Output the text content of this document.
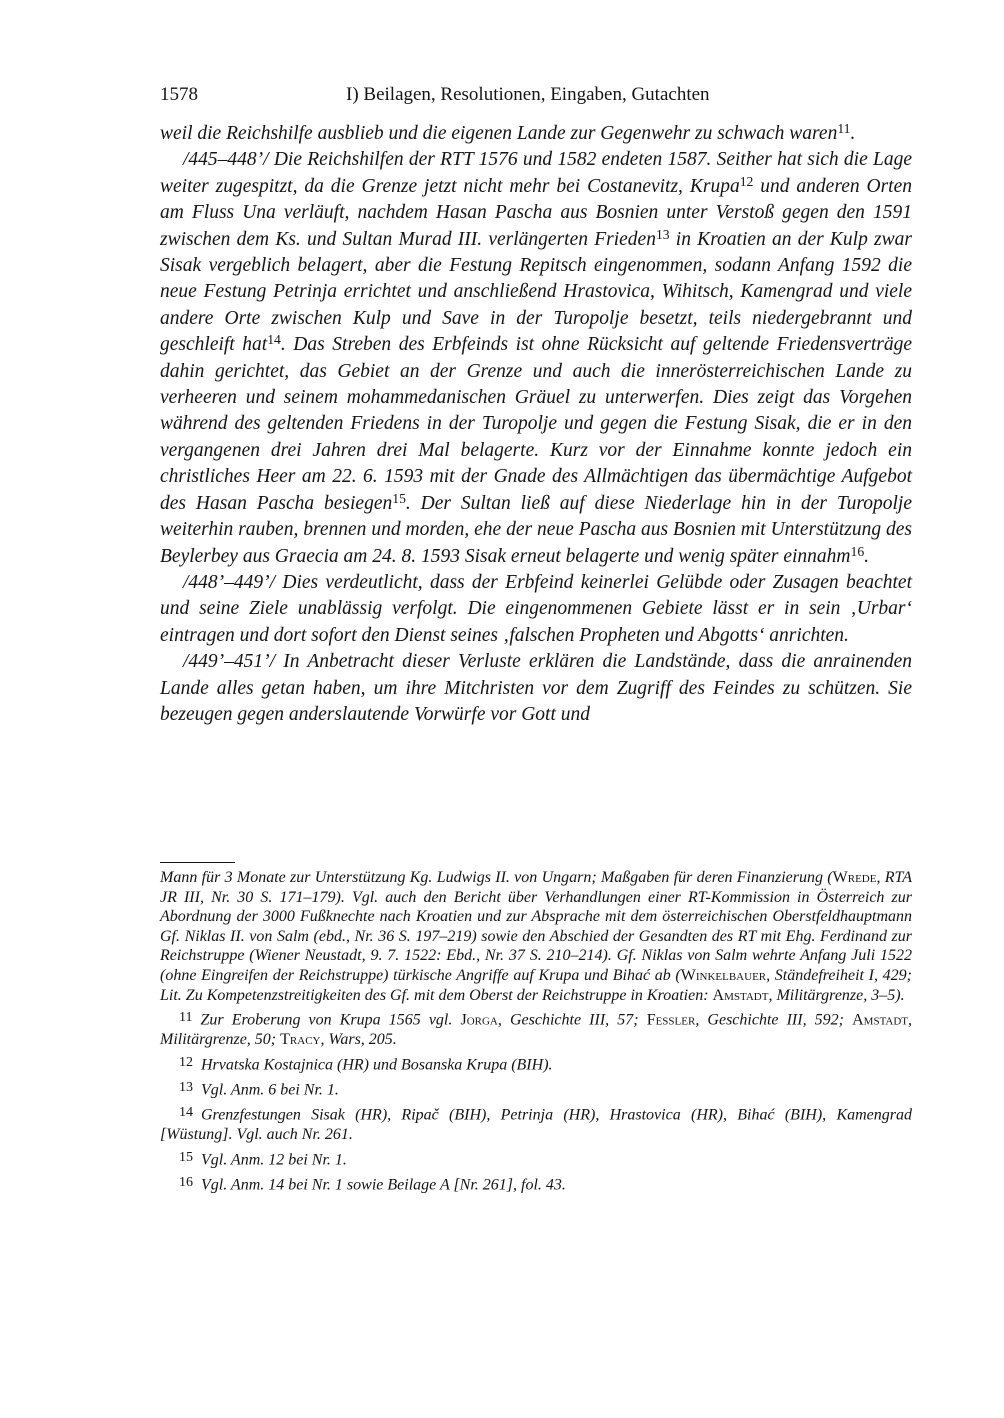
1578	I) Beilagen, Resolutionen, Eingaben, Gutachten

weil die Reichshilfe ausblieb und die eigenen Lande zur Gegenwehr zu schwach waren$^{11}$.

/445–448’/ Die Reichshilfen der RTT 1576 und 1582 endeten 1587. Seither hat sich die Lage weiter zugespitzt, da die Grenze jetzt nicht mehr bei Costanevitz, Krupa$^{12}$ und anderen Orten am Fluss Una verläuft, nachdem Hasan Pascha aus Bosnien unter Verstoß gegen den 1591 zwischen dem Ks. und Sultan Murad III. verlängerten Frieden$^{13}$ in Kroatien an der Kulp zwar Sisak vergeblich belagert, aber die Festung Repitsch eingenommen, sodann Anfang 1592 die neue Festung Petrinja errichtet und anschließend Hrastovica, Wihitsch, Kamengrad und viele andere Orte zwischen Kulp und Save in der Turopolje besetzt, teils niedergebrannt und geschleift hat$^{14}$. Das Streben des Erbfeinds ist ohne Rücksicht auf geltende Friedensverträge dahin gerichtet, das Gebiet an der Grenze und auch die innerösterreichischen Lande zu verheeren und seinem mohammedanischen Gräuel zu unterwerfen. Dies zeigt das Vorgehen während des geltenden Friedens in der Turopolje und gegen die Festung Sisak, die er in den vergangenen drei Jahren drei Mal belagerte. Kurz vor der Einnahme konnte jedoch ein christliches Heer am 22. 6. 1593 mit der Gnade des Allmächtigen das übermächtige Aufgebot des Hasan Pascha besiegen$^{15}$. Der Sultan ließ auf diese Niederlage hin in der Turopolje weiterhin rauben, brennen und morden, ehe der neue Pascha aus Bosnien mit Unterstützung des Beylerbey aus Graecia am 24. 8. 1593 Sisak erneut belagerte und wenig später einnahm$^{16}$.

/448’–449’/ Dies verdeutlicht, dass der Erbfeind keinerlei Gelübde oder Zusagen beachtet und seine Ziele unablässig verfolgt. Die eingenommenen Gebiete lässt er in sein ‚Urbar‘ eintragen und dort sofort den Dienst seines ‚falschen Propheten und Abgotts‘ anrichten.

/449’–451’/ In Anbetracht dieser Verluste erklären die Landstände, dass die anrainenden Lande alles getan haben, um ihre Mitchristen vor dem Zugriff des Feindes zu schützen. Sie bezeugen gegen anderslautende Vorwürfe vor Gott und

Mann für 3 Monate zur Unterstützung Kg. Ludwigs II. von Ungarn; Maßgaben für deren Finanzierung (Wrede, RTA JR III, Nr. 30 S. 171–179). Vgl. auch den Bericht über Verhandlungen einer RT-Kommission in Österreich zur Abordnung der 3000 Fußknechte nach Kroatien und zur Absprache mit dem österreichischen Oberstfeldhauptmann Gf. Niklas II. von Salm (ebd., Nr. 36 S. 197–219) sowie den Abschied der Gesandten des RT mit Ehg. Ferdinand zur Reichstruppe (Wiener Neustadt, 9. 7. 1522: Ebd., Nr. 37 S. 210–214). Gf. Niklas von Salm wehrte Anfang Juli 1522 (ohne Eingreifen der Reichstruppe) türkische Angriffe auf Krupa und Bihać ab (Winkelbauer, Ständefreiheit I, 429; Lit. Zu Kompetenzstreitigkeiten des Gf. mit dem Oberst der Reichstruppe in Kroatien: Amstadt, Militärgrenze, 3–5).

11 Zur Eroberung von Krupa 1565 vgl. Jorga, Geschichte III, 57; Fessler, Geschichte III, 592; Amstadt, Militärgrenze, 50; Tracy, Wars, 205.

12 Hrvatska Kostajnica (HR) und Bosanska Krupa (BIH).

13 Vgl. Anm. 6 bei Nr. 1.

14 Grenzfestungen Sisak (HR), Ripač (BIH), Petrinja (HR), Hrastovica (HR), Bihać (BIH), Kamengrad [Wüstung]. Vgl. auch Nr. 261.

15 Vgl. Anm. 12 bei Nr. 1.

16 Vgl. Anm. 14 bei Nr. 1 sowie Beilage A [Nr. 261], fol. 43.
